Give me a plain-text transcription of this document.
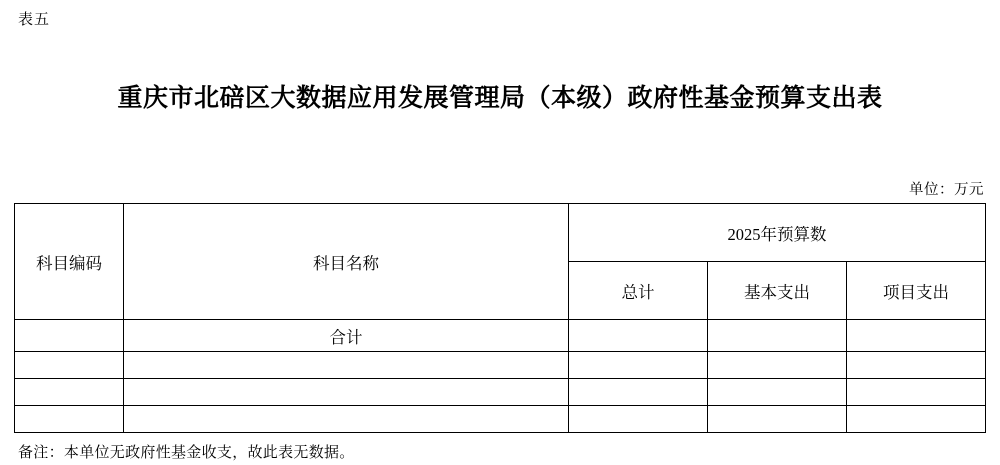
表五
重庆市北碚区大数据应用发展管理局（本级）政府性基金预算支出表
单位：万元
科目编码	科目名称	2025年预算数		
		总计	基本支出	项目支出
	合计			

备注：本单位无政府性基金收支，故此表无数据。
